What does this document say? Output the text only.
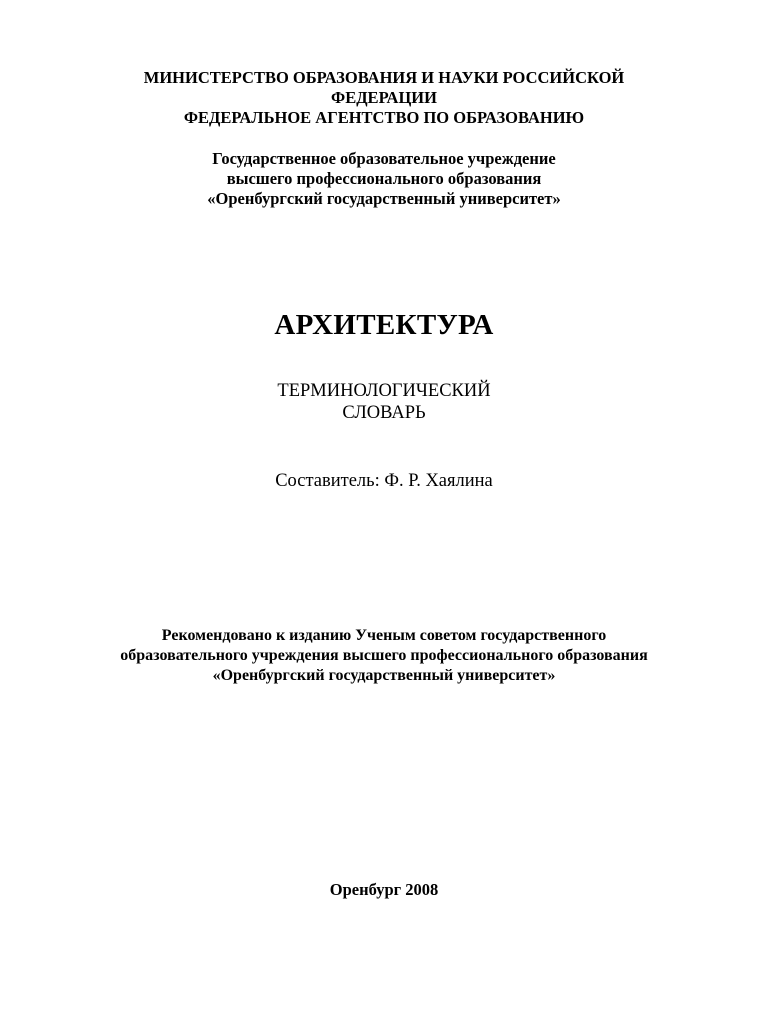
МИНИСТЕРСТВО ОБРАЗОВАНИЯ И НАУКИ РОССИЙСКОЙ
ФЕДЕРАЦИИ
ФЕДЕРАЛЬНОЕ АГЕНТСТВО ПО ОБРАЗОВАНИЮ
Государственное образовательное учреждение
высшего профессионального образования
«Оренбургский государственный университет»
АРХИТЕКТУРА
ТЕРМИНОЛОГИЧЕСКИЙ
СЛОВАРЬ
Составитель: Ф. Р. Хаялина
Рекомендовано к изданию Ученым советом государственного
образовательного учреждения высшего профессионального образования
«Оренбургский государственный университет»
Оренбург 2008
